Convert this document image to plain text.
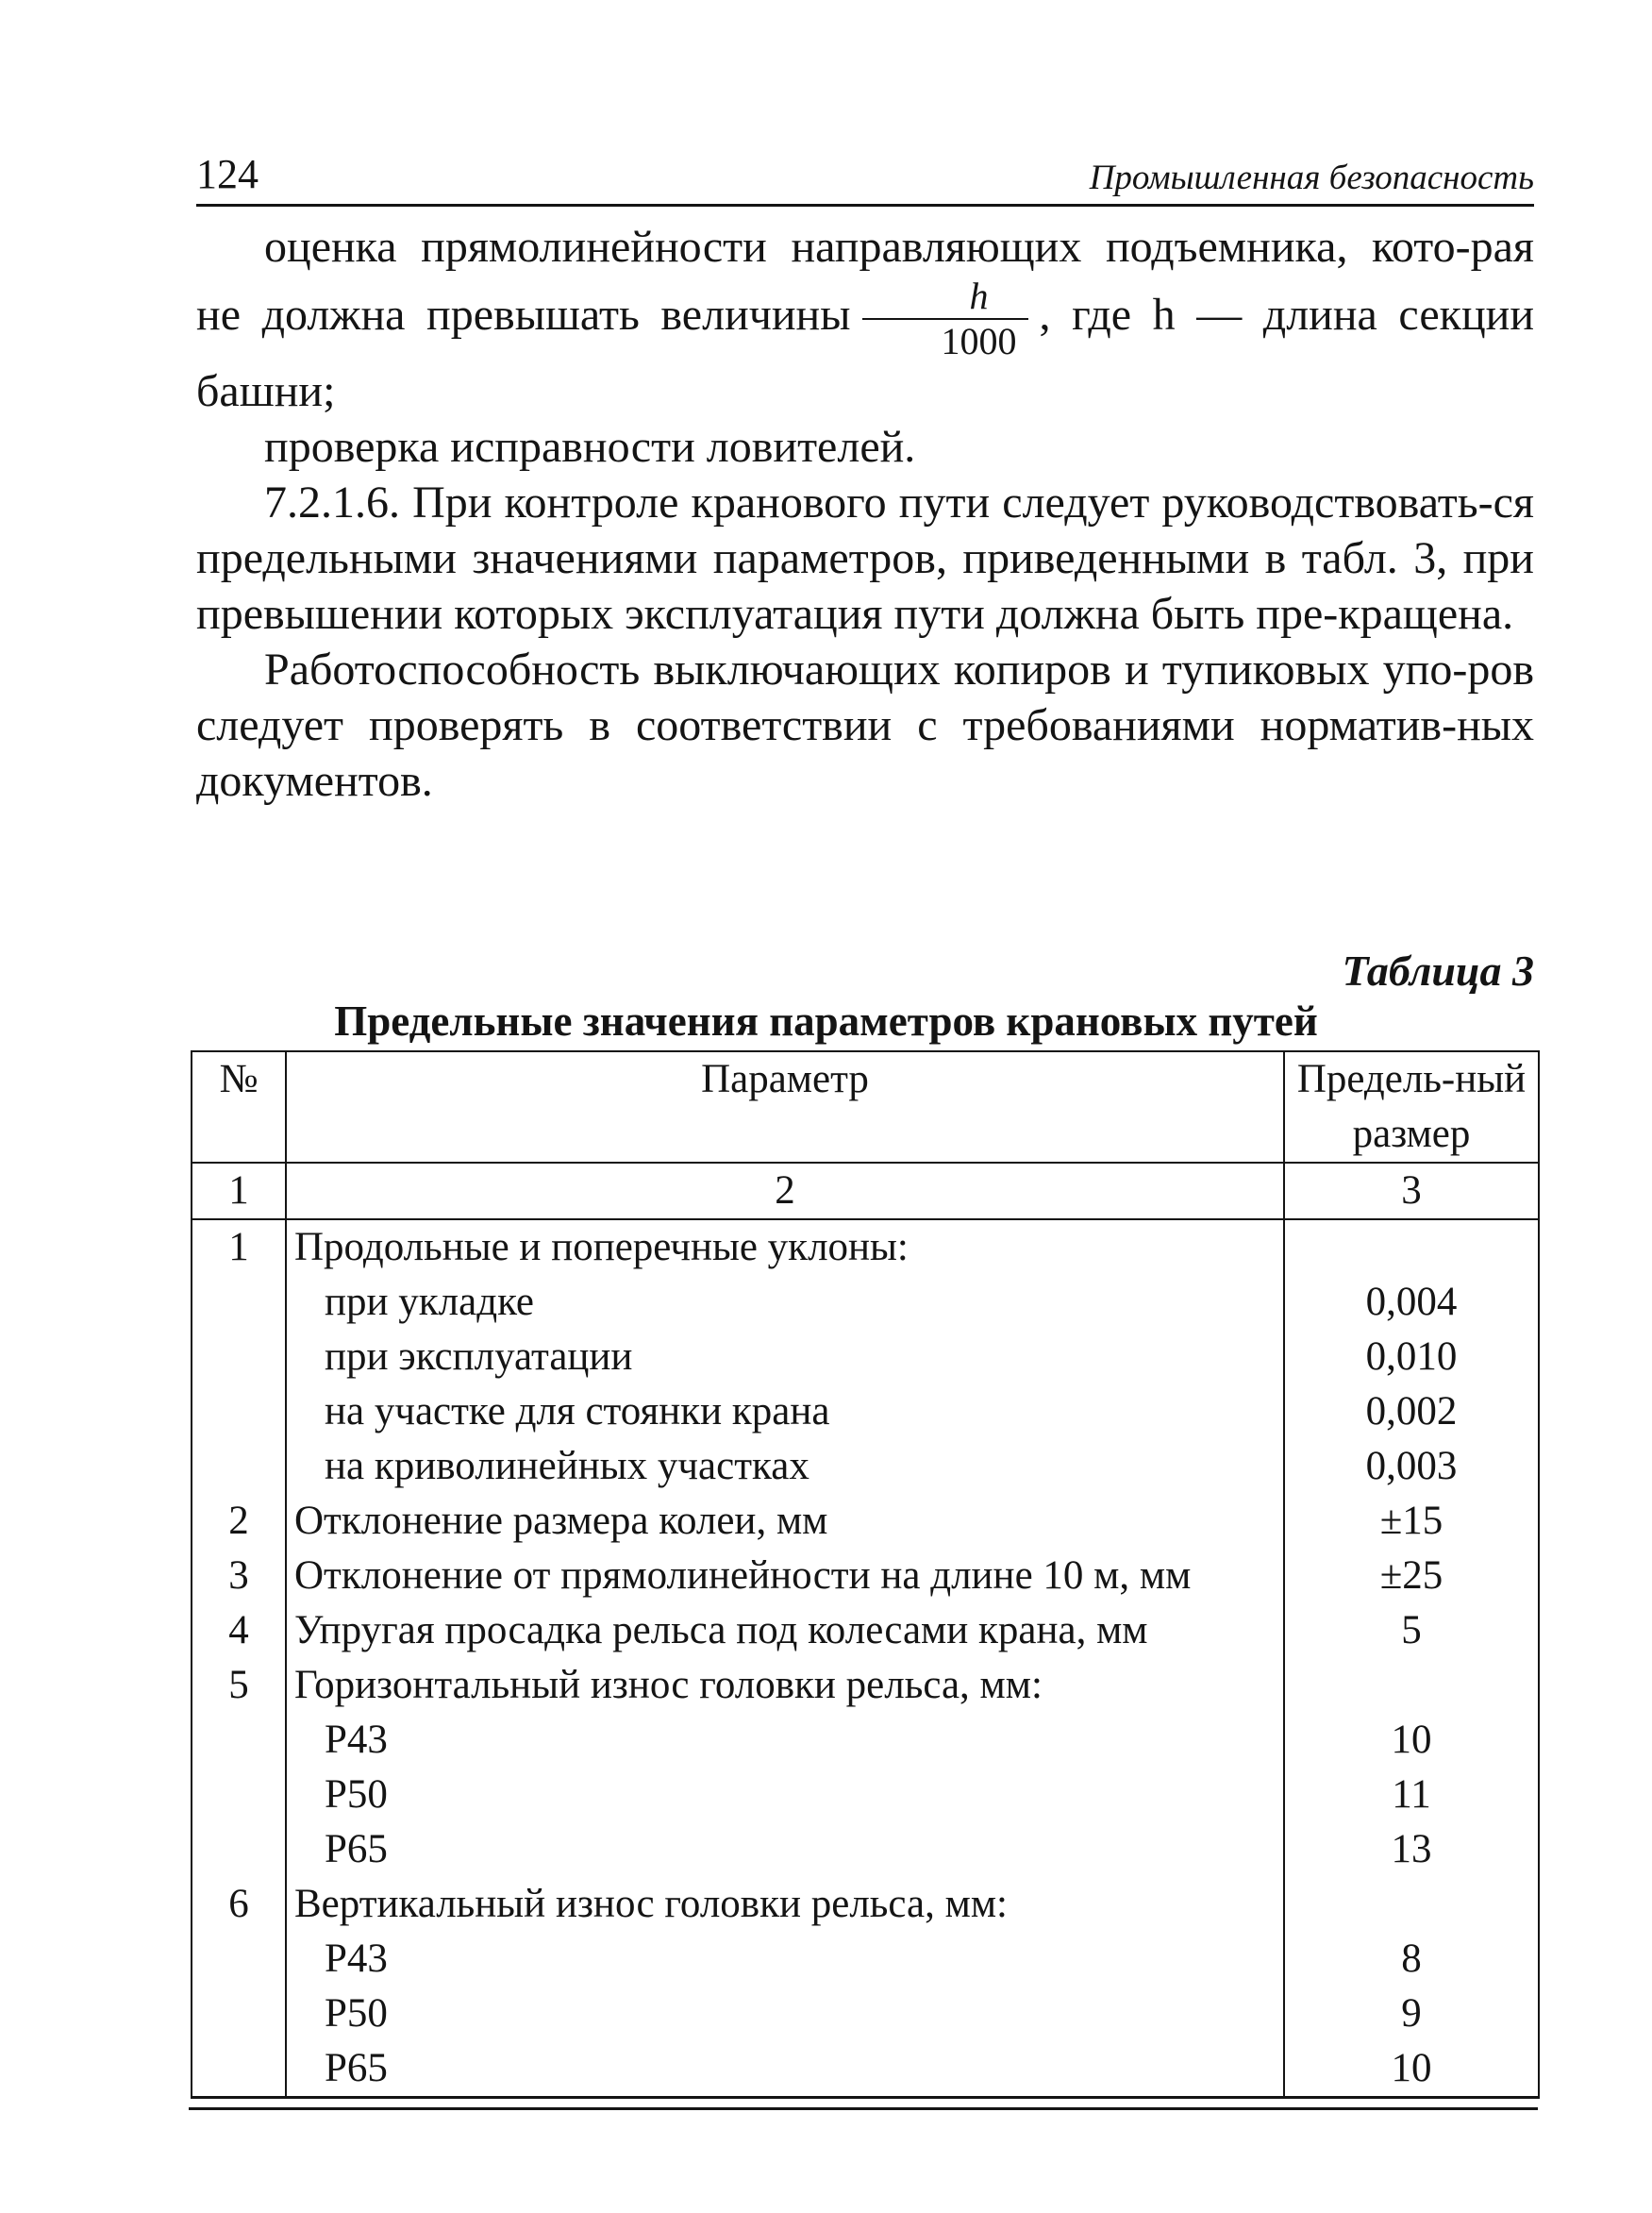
124	Промышленная безопасность

оценка прямолинейности направляющих подъемника, кото-рая не должна превышать величины $\frac{h}{1000}$ , где h — длина секции башни;

проверка исправности ловителей.

7.2.1.6. При контроле кранового пути следует руководствовать-ся предельными значениями параметров, приведенными в табл. 3, при превышении которых эксплуатация пути должна быть пре-кращена.

Работоспособность выключающих копиров и тупиковых упо-ров следует проверять в соответствии с требованиями норматив-ных документов.

Таблица 3
Предельные значения параметров крановых путей
№	Параметр	Предель-ный размер
1	2	3
1	Продольные и поперечные уклоны:	
	при укладке	0,004
	при эксплуатации	0,010
	на участке для стоянки крана	0,002
	на криволинейных участках	0,003
2	Отклонение размера колеи, мм	±15
3	Отклонение от прямолинейности на длине 10 м, мм	±25
4	Упругая просадка рельса под колесами крана, мм	5
5	Горизонтальный износ головки рельса, мм:	
	Р43	10
	Р50	11
	Р65	13
6	Вертикальный износ головки рельса, мм:	
	Р43	8
	Р50	9
	Р65	10
